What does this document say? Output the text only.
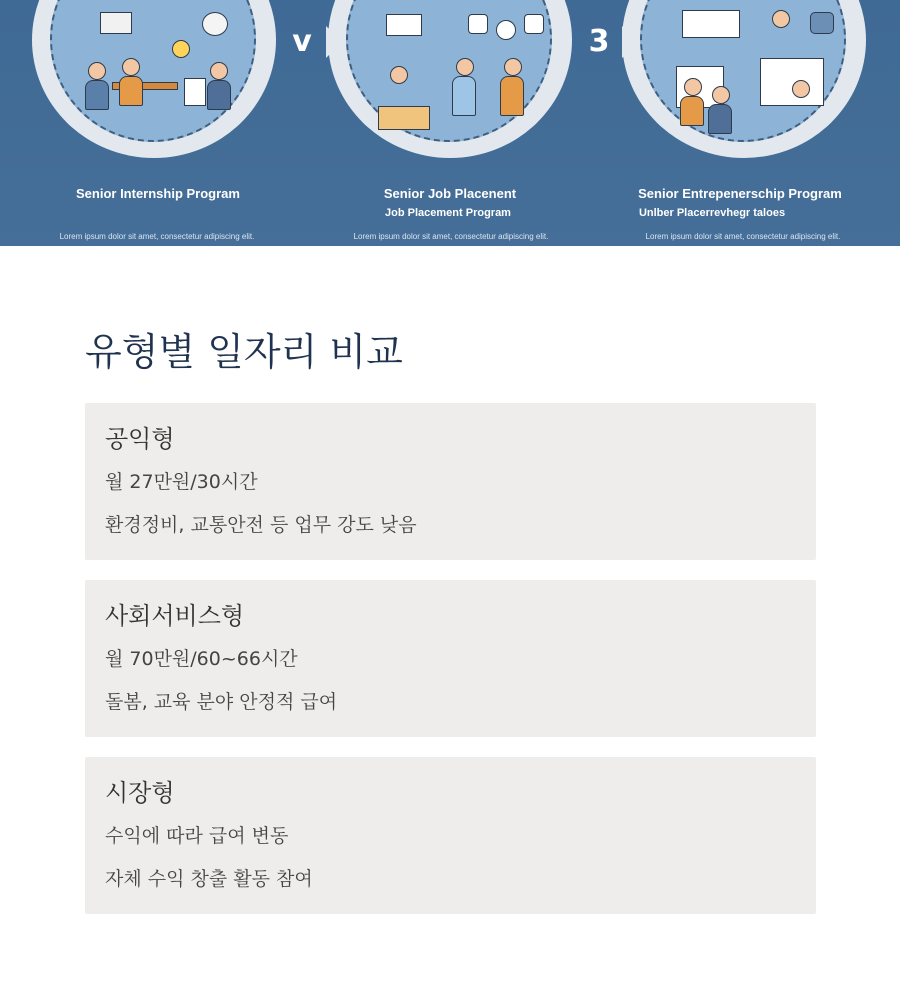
v	3
Senior Internship Program
Lorem ipsum dolor sit amet, consectetur adipiscing elit.
Senior Job Placenent
Job Placement Program
Lorem ipsum dolor sit amet, consectetur adipiscing elit.
Senior Entrepenerschip Program
Unlber Placerrevhegr taloes
Lorem ipsum dolor sit amet, consectetur adipiscing elit.
유형별 일자리 비교
공익형
월 27만원/30시간
환경정비, 교통안전 등 업무 강도 낮음
사회서비스형
월 70만원/60~66시간
돌봄, 교육 분야 안정적 급여
시장형
수익에 따라 급여 변동
자체 수익 창출 활동 참여
